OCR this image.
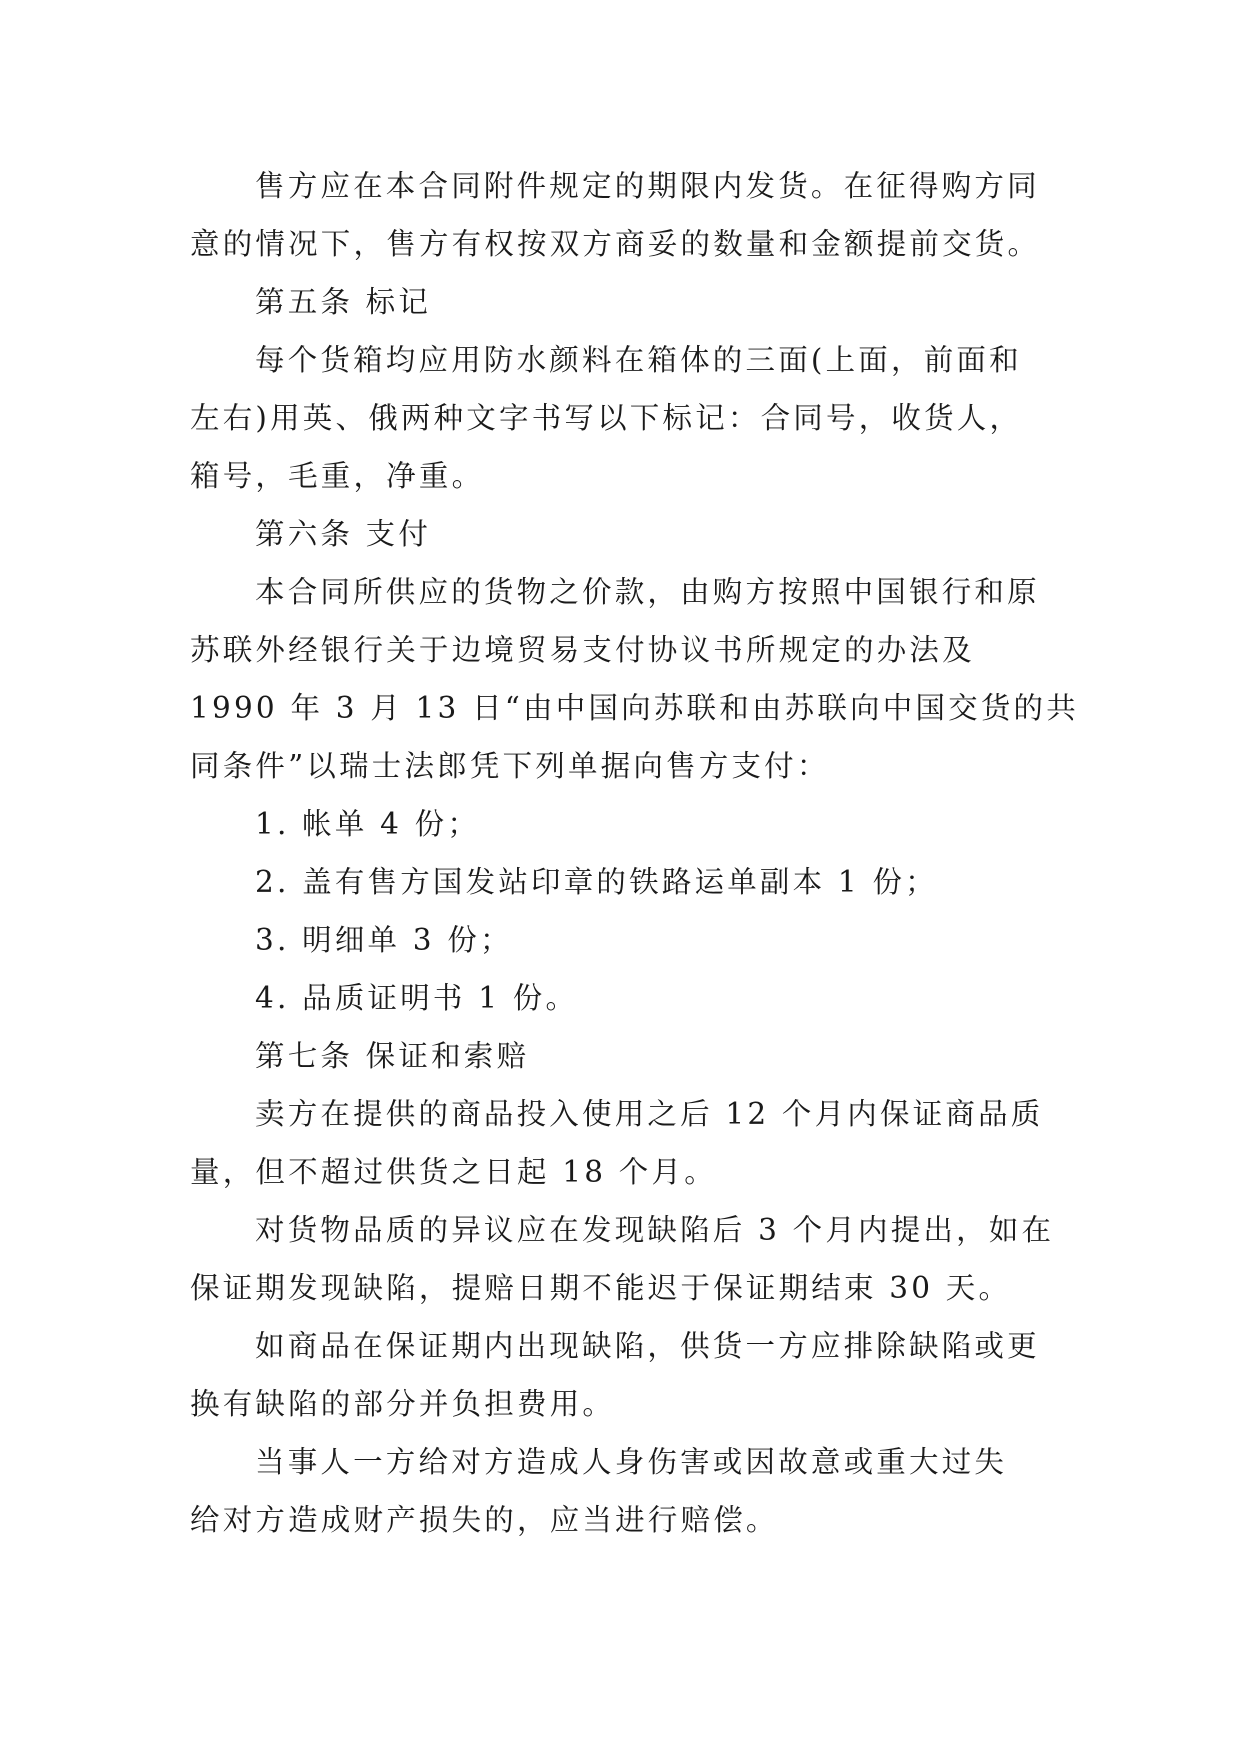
售方应在本合同附件规定的期限内发货。在征得购方同

意的情况下，售方有权按双方商妥的数量和金额提前交货。

第五条 标记

每个货箱均应用防水颜料在箱体的三面(上面，前面和

左右)用英、俄两种文字书写以下标记：合同号，收货人，

箱号，毛重，净重。

第六条 支付

本合同所供应的货物之价款，由购方按照中国银行和原

苏联外经银行关于边境贸易支付协议书所规定的办法及

1990 年 3 月 13 日“由中国向苏联和由苏联向中国交货的共

同条件”以瑞士法郎凭下列单据向售方支付：

1. 帐单 4 份；

2. 盖有售方国发站印章的铁路运单副本 1 份；

3. 明细单 3 份；

4. 品质证明书 1 份。

第七条 保证和索赔

卖方在提供的商品投入使用之后 12 个月内保证商品质

量，但不超过供货之日起 18 个月。

对货物品质的异议应在发现缺陷后 3 个月内提出，如在

保证期发现缺陷，提赔日期不能迟于保证期结束 30 天。

如商品在保证期内出现缺陷，供货一方应排除缺陷或更

换有缺陷的部分并负担费用。

当事人一方给对方造成人身伤害或因故意或重大过失

给对方造成财产损失的，应当进行赔偿。
